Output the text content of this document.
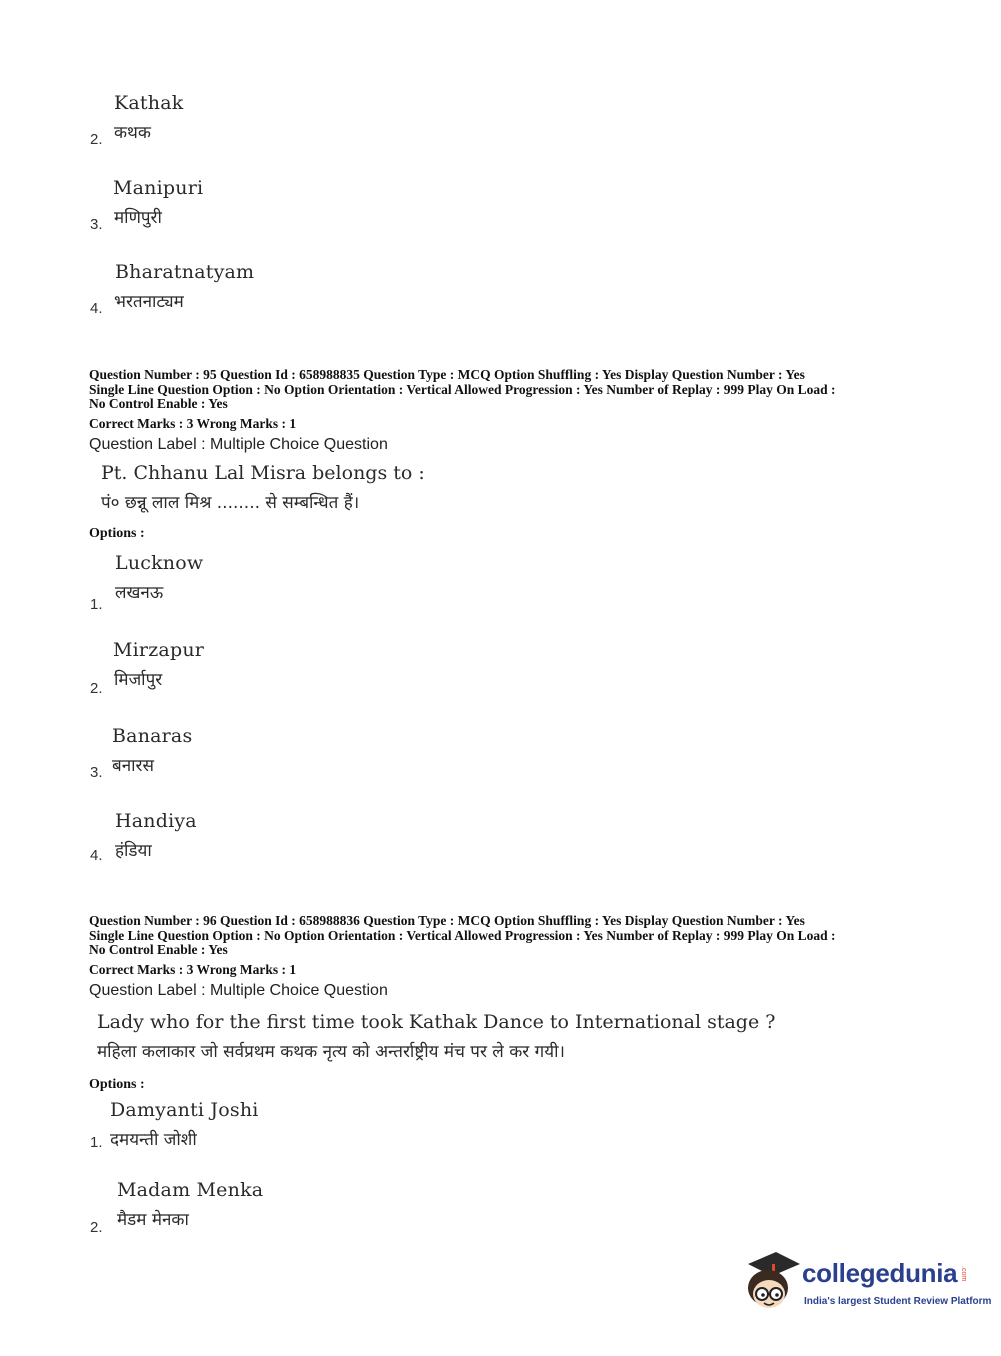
Kathak
कथक
2.
Manipuri
मणिपुरी
3.
Bharatnatyam
भरतनाट्यम
4.
Question Number : 95 Question Id : 658988835 Question Type : MCQ Option Shuffling : Yes Display Question Number : Yes
Single Line Question Option : No Option Orientation : Vertical Allowed Progression : Yes Number of Replay : 999 Play On Load :
No Control Enable : Yes
Correct Marks : 3 Wrong Marks : 1
Question Label : Multiple Choice Question
Pt. Chhanu Lal Misra belongs to :
पं० छन्नू लाल मिश्र ........ से सम्बन्धित हैं।
Options :
Lucknow
लखनऊ
1.
Mirzapur
मिर्जापुर
2.
Banaras
बनारस
3.
Handiya
हंडिया
4.
Question Number : 96 Question Id : 658988836 Question Type : MCQ Option Shuffling : Yes Display Question Number : Yes
Single Line Question Option : No Option Orientation : Vertical Allowed Progression : Yes Number of Replay : 999 Play On Load :
No Control Enable : Yes
Correct Marks : 3 Wrong Marks : 1
Question Label : Multiple Choice Question
Lady who for the first time took Kathak Dance to International stage ?
महिला कलाकार जो सर्वप्रथम कथक नृत्य को अन्तर्राष्ट्रीय मंच पर ले कर गयी।
Options :
Damyanti Joshi
दमयन्ती जोशी
1.
Madam Menka
मैडम मेनका
2.
collegedunia .com
India's largest Student Review Platform
